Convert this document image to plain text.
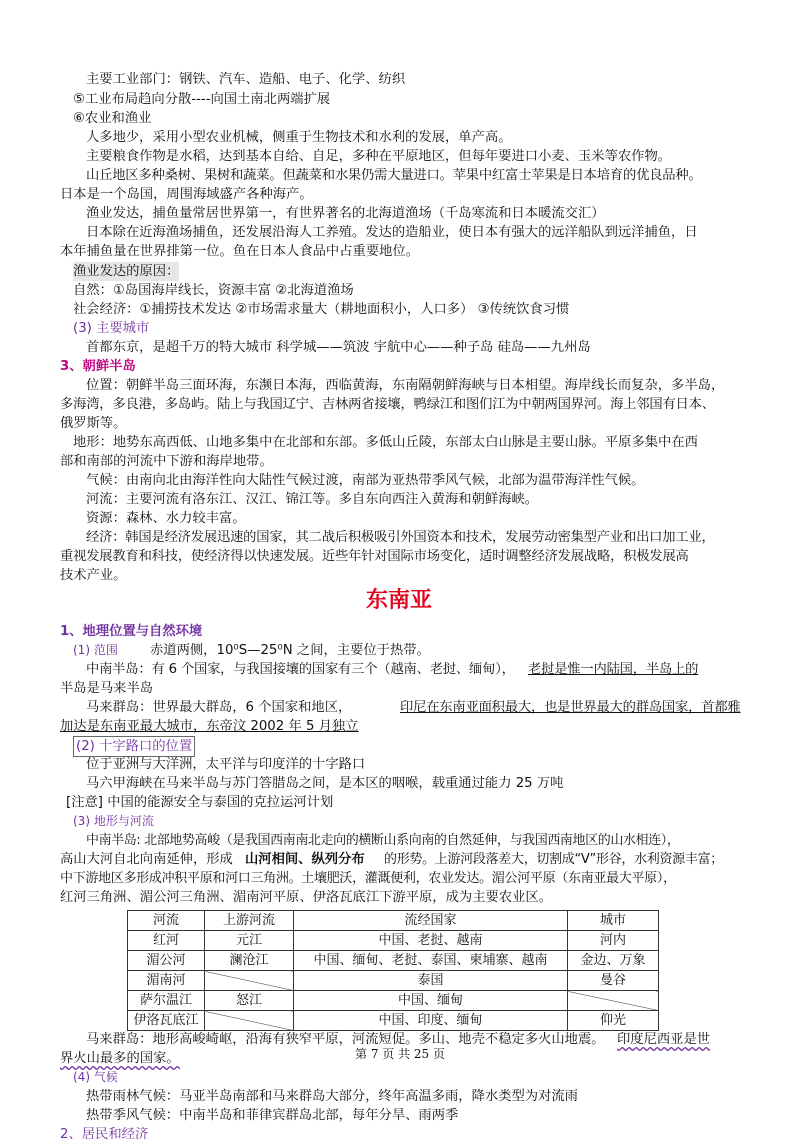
主要工业部门：钢铁、汽车、造船、电子、化学、纺织
⑤工业布局趋向分散----向国土南北两端扩展
⑥农业和渔业
人多地少，采用小型农业机械，侧重于生物技术和水利的发展，单产高。
主要粮食作物是水稻，达到基本自给、自足，多种在平原地区，但每年要进口小麦、玉米等农作物。
山丘地区多种桑树、果树和蔬菜。但蔬菜和水果仍需大量进口。苹果中红富士苹果是日本培育的优良品种。
日本是一个岛国，周围海域盛产各种海产。
渔业发达，捕鱼量常居世界第一，有世界著名的北海道渔场（千岛寒流和日本暖流交汇）
日本除在近海渔场捕鱼，还发展沿海人工养殖。发达的造船业，使日本有强大的远洋船队到远洋捕鱼，日
本年捕鱼量在世界排第一位。鱼在日本人食品中占重要地位。
渔业发达的原因：
自然：①岛国海岸线长，资源丰富 ②北海道渔场
社会经济：①捕捞技术发达 ②市场需求量大（耕地面积小，人口多） ③传统饮食习惯
(3) 主要城市
首都东京，是超千万的特大城市 科学城——筑波 宇航中心——种子岛 硅岛——九州岛
3、朝鲜半岛
位置：朝鲜半岛三面环海，东濒日本海，西临黄海，东南隔朝鲜海峡与日本相望。海岸线长而复杂，多半岛，
多海湾，多良港，多岛屿。陆上与我国辽宁、吉林两省接壤，鸭绿江和图们江为中朝两国界河。海上邻国有日本、
俄罗斯等。
地形：地势东高西低、山地多集中在北部和东部。多低山丘陵，东部太白山脉是主要山脉。平原多集中在西
部和南部的河流中下游和海岸地带。
气候：由南向北由海洋性向大陆性气候过渡，南部为亚热带季风气候，北部为温带海洋性气候。
河流：主要河流有洛东江、汉江、锦江等。多自东向西注入黄海和朝鲜海峡。
资源：森林、水力较丰富。
经济：韩国是经济发展迅速的国家，其二战后积极吸引外国资本和技术，发展劳动密集型产业和出口加工业，
重视发展教育和科技，使经济得以快速发展。近些年针对国际市场变化，适时调整经济发展战略，积极发展高
技术产业。
东南亚
1、地理位置与自然环境
(1) 范围 赤道两侧，10⁰S—25⁰N 之间，主要位于热带。
中南半岛：有 6 个国家，与我国接壤的国家有三个（越南、老挝、缅甸）， 老挝是惟一内陆国，半岛上的
半岛是马来半岛
马来群岛：世界最大群岛，6 个国家和地区，	印尼在东南亚面积最大，也是世界最大的群岛国家，首都雅
加达是东南亚最大城市，东帝汶 2002 年 5 月独立
(2) 十字路口的位置
位于亚洲与大洋洲，太平洋与印度洋的十字路口
马六甲海峡在马来半岛与苏门答腊岛之间，是本区的咽喉，载重通过能力 25 万吨
[注意] 中国的能源安全与泰国的克拉运河计划
(3) 地形与河流
中南半岛: 北部地势高峻（是我国西南南北走向的横断山系向南的自然延伸，与我国西南地区的山水相连），
高山大河自北向南延伸，形成 山河相间、纵列分布 的形势。上游河段落差大，切割成“V”形谷，水利资源丰富；
中下游地区多形成冲积平原和河口三角洲。土壤肥沃，灌溉便利，农业发达。湄公河平原（东南亚最大平原），
红河三角洲、湄公河三角洲、湄南河平原、伊洛瓦底江下游平原，成为主要农业区。
河流	上游河流	流经国家	城市
红河	元江	中国、老挝、越南	河内
湄公河	澜沧江	中国、缅甸、老挝、泰国、柬埔寨、越南	金边、万象
湄南河		泰国	曼谷
萨尔温江	怒江	中国、缅甸	
伊洛瓦底江		中国、印度、缅甸	仰光
马来群岛：地形高峻崎岖，沿海有狭窄平原，河流短促。多山、地壳不稳定多火山地震。 印度尼西亚是世
界火山最多的国家。
(4) 气候
热带雨林气候：马亚半岛南部和马来群岛大部分，终年高温多雨，降水类型为对流雨
热带季风气候：中南半岛和菲律宾群岛北部，每年分旱、雨两季
2、居民和经济
第 7 页 共 25 页
